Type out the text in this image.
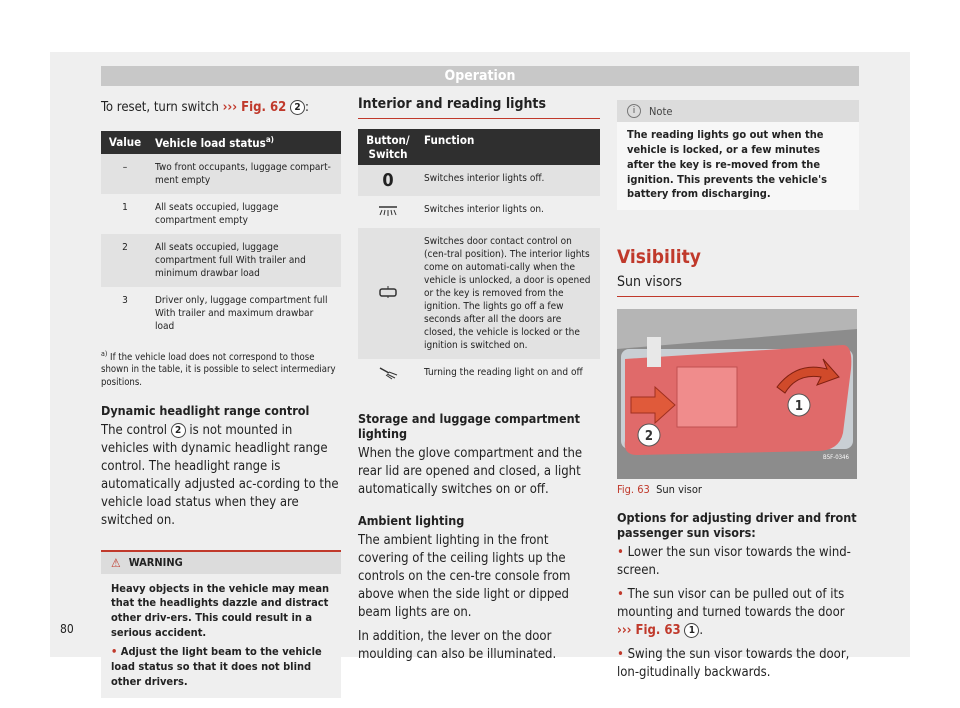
Operation
To reset, turn switch ››› Fig. 62 2 :
Value	Vehicle load status$^{a)}$
–	Two front occupants, luggage compart-ment empty
1	All seats occupied, luggage compartment empty
2	All seats occupied, luggage compartment full With trailer and minimum drawbar load
3	Driver only, luggage compartment full With trailer and maximum drawbar load
$^{a)}$ If the vehicle load does not correspond to those shown in the table, it is possible to select intermediary positions.
Dynamic headlight range control

The control 2 is not mounted in vehicles with dynamic headlight range control. The headlight range is automatically adjusted ac-cording to the vehicle load status when they are switched on.

⚠ WARNING
Heavy objects in the vehicle may mean that the headlights dazzle and distract other driv-ers. This could result in a serious accident.
• Adjust the light beam to the vehicle load status so that it does not blind other drivers.
Interior and reading lights
Button/ Switch	Function
0	Switches interior lights off.
	Switches interior lights on.
	Switches door contact control on (cen-tral position). The interior lights come on automati-cally when the vehicle is unlocked, a door is opened or the key is removed from the ignition. The lights go off a few seconds after all the doors are closed, the vehicle is locked or the ignition is switched on.
	Turning the reading light on and off
Storage and luggage compartment lighting

When the glove compartment and the rear lid are opened and closed, a light automatically switches on or off.

Ambient lighting

The ambient lighting in the front covering of the ceiling lights up the controls on the cen-tre console from above when the side light or dipped beam lights are on.

In addition, the lever on the door moulding can also be illuminated.

i	Note
The reading lights go out when the vehicle is locked, or a few minutes after the key is re-moved from the ignition. This prevents the vehicle's battery from discharging.
Visibility
Sun visors
1
2
B5F-0346
Fig. 63 Sun visor
Options for adjusting driver and front passenger sun visors:

• Lower the sun visor towards the wind-screen.

• The sun visor can be pulled out of its mounting and turned towards the door ››› Fig. 63 1 .

• Swing the sun visor towards the door, lon-gitudinally backwards.

80
